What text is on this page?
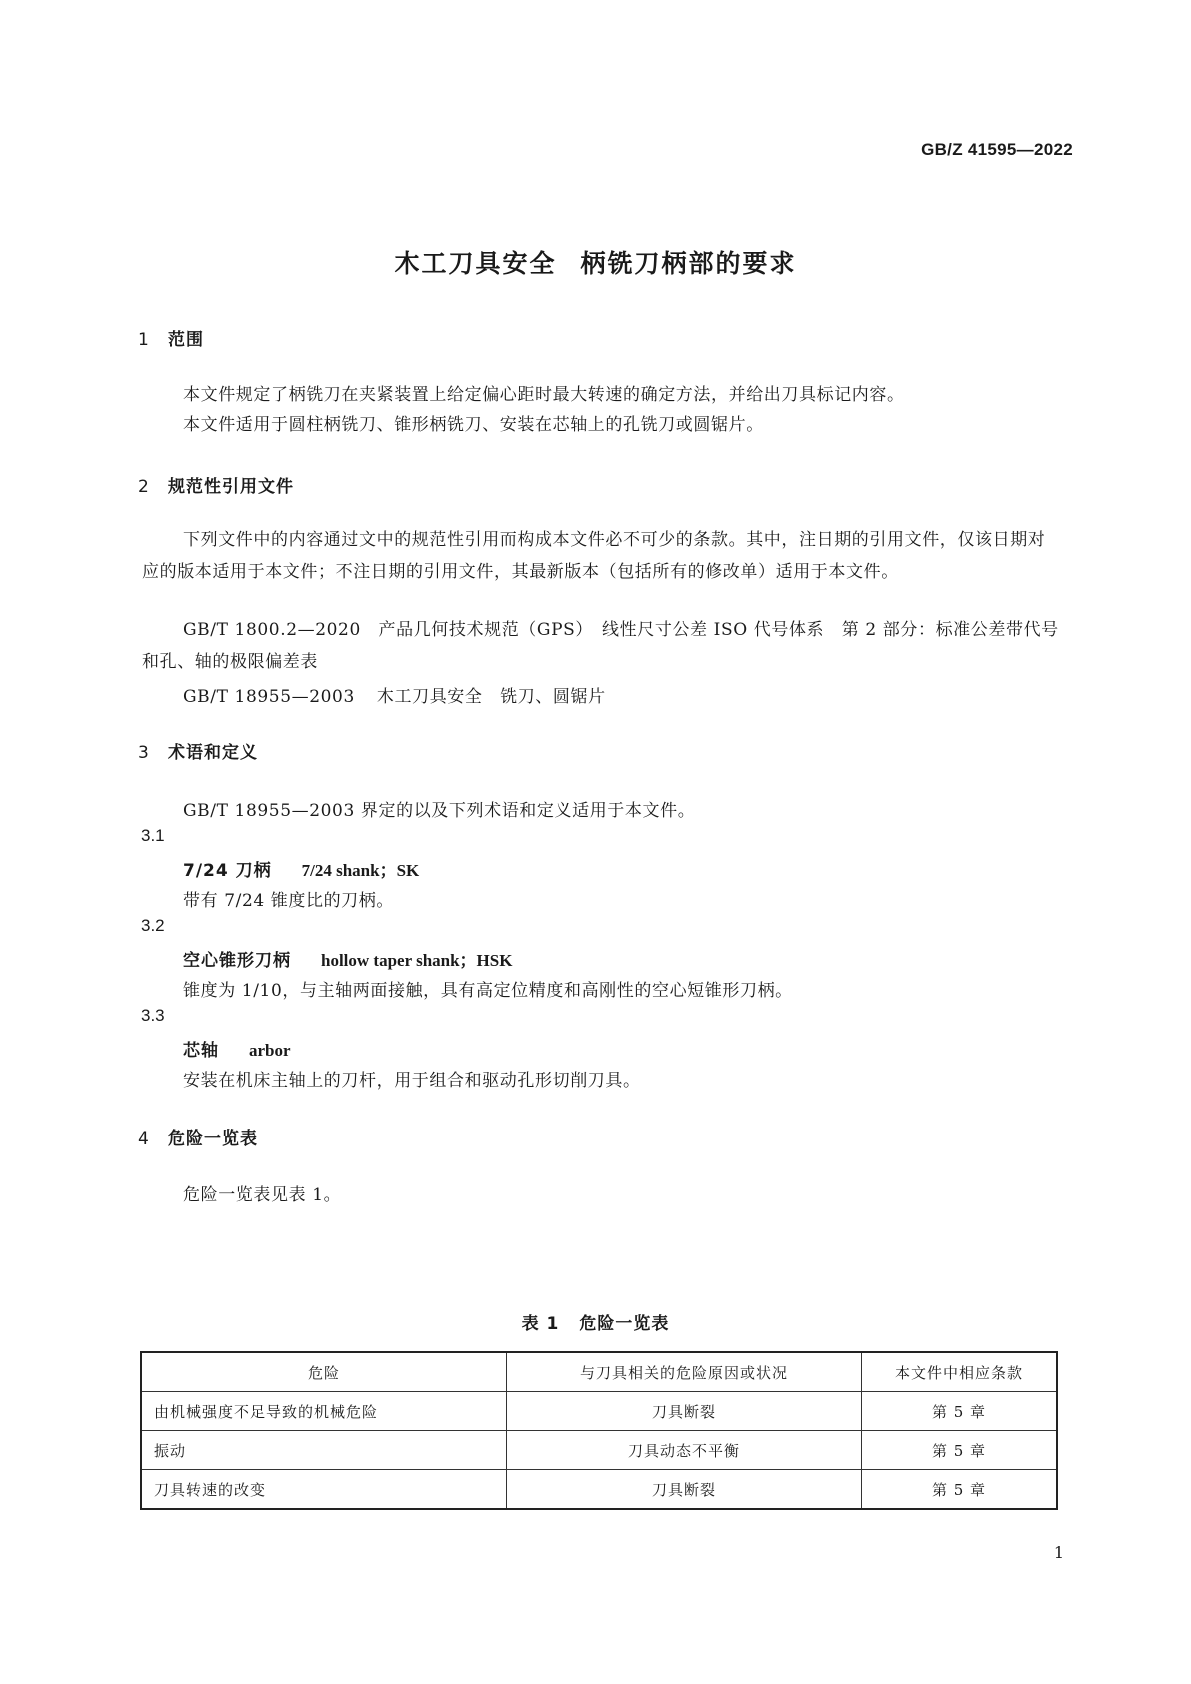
GB/Z 41595—2022
木工刀具安全 柄铣刀柄部的要求
1 范围
本文件规定了柄铣刀在夹紧装置上给定偏心距时最大转速的确定方法，并给出刀具标记内容。
本文件适用于圆柱柄铣刀、锥形柄铣刀、安装在芯轴上的孔铣刀或圆锯片。
2 规范性引用文件
下列文件中的内容通过文中的规范性引用而构成本文件必不可少的条款。其中，注日期的引用文件，仅该日期对应的版本适用于本文件；不注日期的引用文件，其最新版本（包括所有的修改单）适用于本文件。
GB/T 1800.2—2020　产品几何技术规范（GPS）　线性尺寸公差 ISO 代号体系　第 2 部分：标准公差带代号和孔、轴的极限偏差表
GB/T 18955—2003 木工刀具安全　铣刀、圆锯片
3 术语和定义
GB/T 18955—2003 界定的以及下列术语和定义适用于本文件。
3.1
7/24 刀柄 7/24 shank；SK
带有 7/24 锥度比的刀柄。
3.2
空心锥形刀柄 hollow taper shank；HSK
锥度为 1/10，与主轴两面接触，具有高定位精度和高刚性的空心短锥形刀柄。
3.3
芯轴 arbor
安装在机床主轴上的刀杆，用于组合和驱动孔形切削刀具。
4 危险一览表
危险一览表见表 1。
表 1 危险一览表
危险	与刀具相关的危险原因或状况	本文件中相应条款
由机械强度不足导致的机械危险	刀具断裂	第 5 章
振动	刀具动态不平衡	第 5 章
刀具转速的改变	刀具断裂	第 5 章
1
